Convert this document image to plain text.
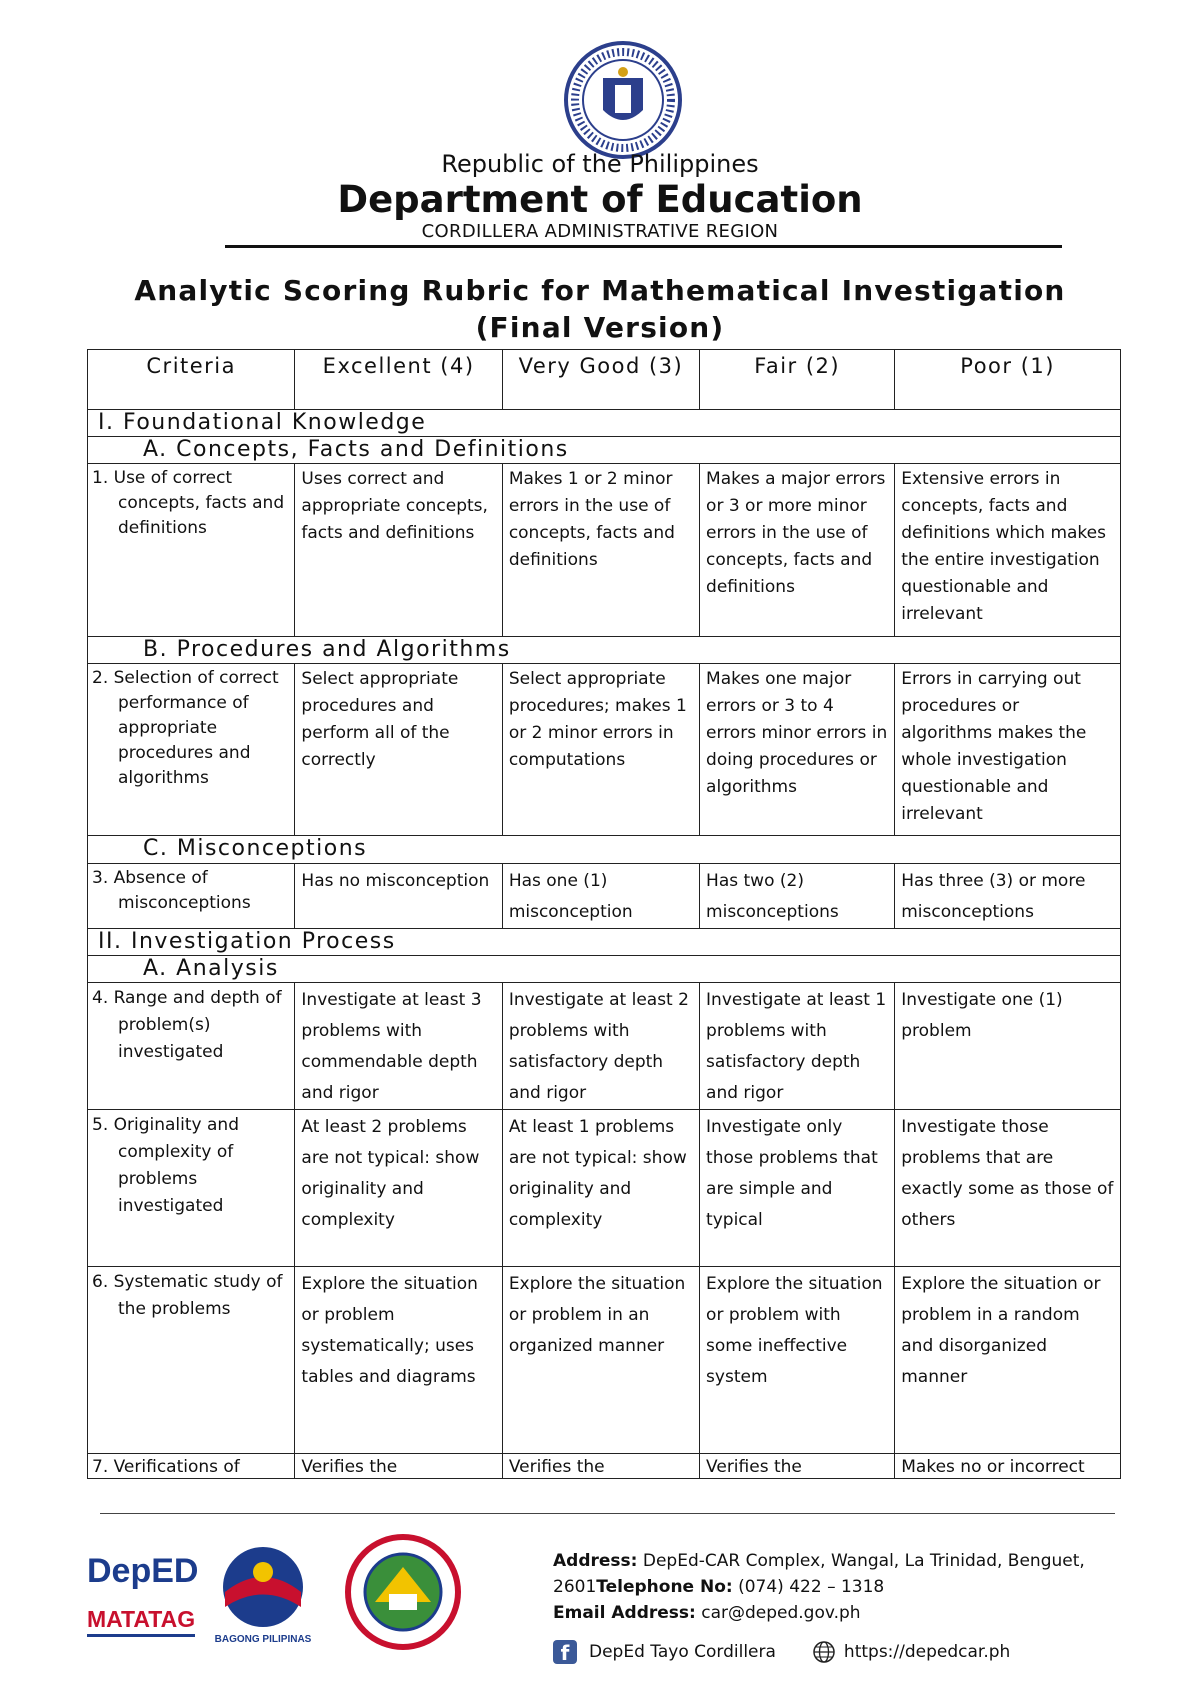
Republic of the Philippines
Department of Education
CORDILLERA ADMINISTRATIVE REGION
Analytic Scoring Rubric for Mathematical Investigation
(Final Version)
Criteria	Excellent (4)	Very Good (3)	Fair (2)	Poor (1)
I. Foundational Knowledge				
A. Concepts, Facts and Definitions				
1. Use of correct concepts, facts and definitions	Uses correct and appropriate concepts, facts and definitions	Makes 1 or 2 minor errors in the use of concepts, facts and definitions	Makes a major errors or 3 or more minor errors in the use of concepts, facts and definitions	Extensive errors in concepts, facts and definitions which makes the entire investigation questionable and irrelevant
B. Procedures and Algorithms				
2. Selection of correct performance of appropriate procedures and algorithms	Select appropriate procedures and perform all of the correctly	Select appropriate procedures; makes 1 or 2 minor errors in computations	Makes one major errors or 3 to 4 errors minor errors in doing procedures or algorithms	Errors in carrying out procedures or algorithms makes the whole investigation questionable and irrelevant
C. Misconceptions				
3. Absence of misconceptions	Has no misconception	Has one (1) misconception	Has two (2) misconceptions	Has three (3) or more misconceptions
II. Investigation Process				
A. Analysis				
4. Range and depth of problem(s) investigated	Investigate at least 3 problems with commendable depth and rigor	Investigate at least 2 problems with satisfactory depth and rigor	Investigate at least 1 problems with satisfactory depth and rigor	Investigate one (1) problem
5. Originality and complexity of problems investigated	At least 2 problems are not typical: show originality and complexity	At least 1 problems are not typical: show originality and complexity	Investigate only those problems that are simple and typical	Investigate those problems that are exactly some as those of others
6. Systematic study of the problems	Explore the situation or problem systematically; uses tables and diagrams	Explore the situation or problem in an organized manner	Explore the situation or problem with some ineffective system	Explore the situation or problem in a random and disorganized manner
7. Verifications of	Verifies the	Verifies the	Verifies the	Makes no or incorrect
DepED
MATATAG
BAGONG PILIPINAS
Address: DepEd-CAR Complex, Wangal, La Trinidad, Benguet,
2601Telephone No: (074) 422 – 1318
Email Address: car@deped.gov.ph
f	DepEd Tayo Cordillera	https://depedcar.ph
